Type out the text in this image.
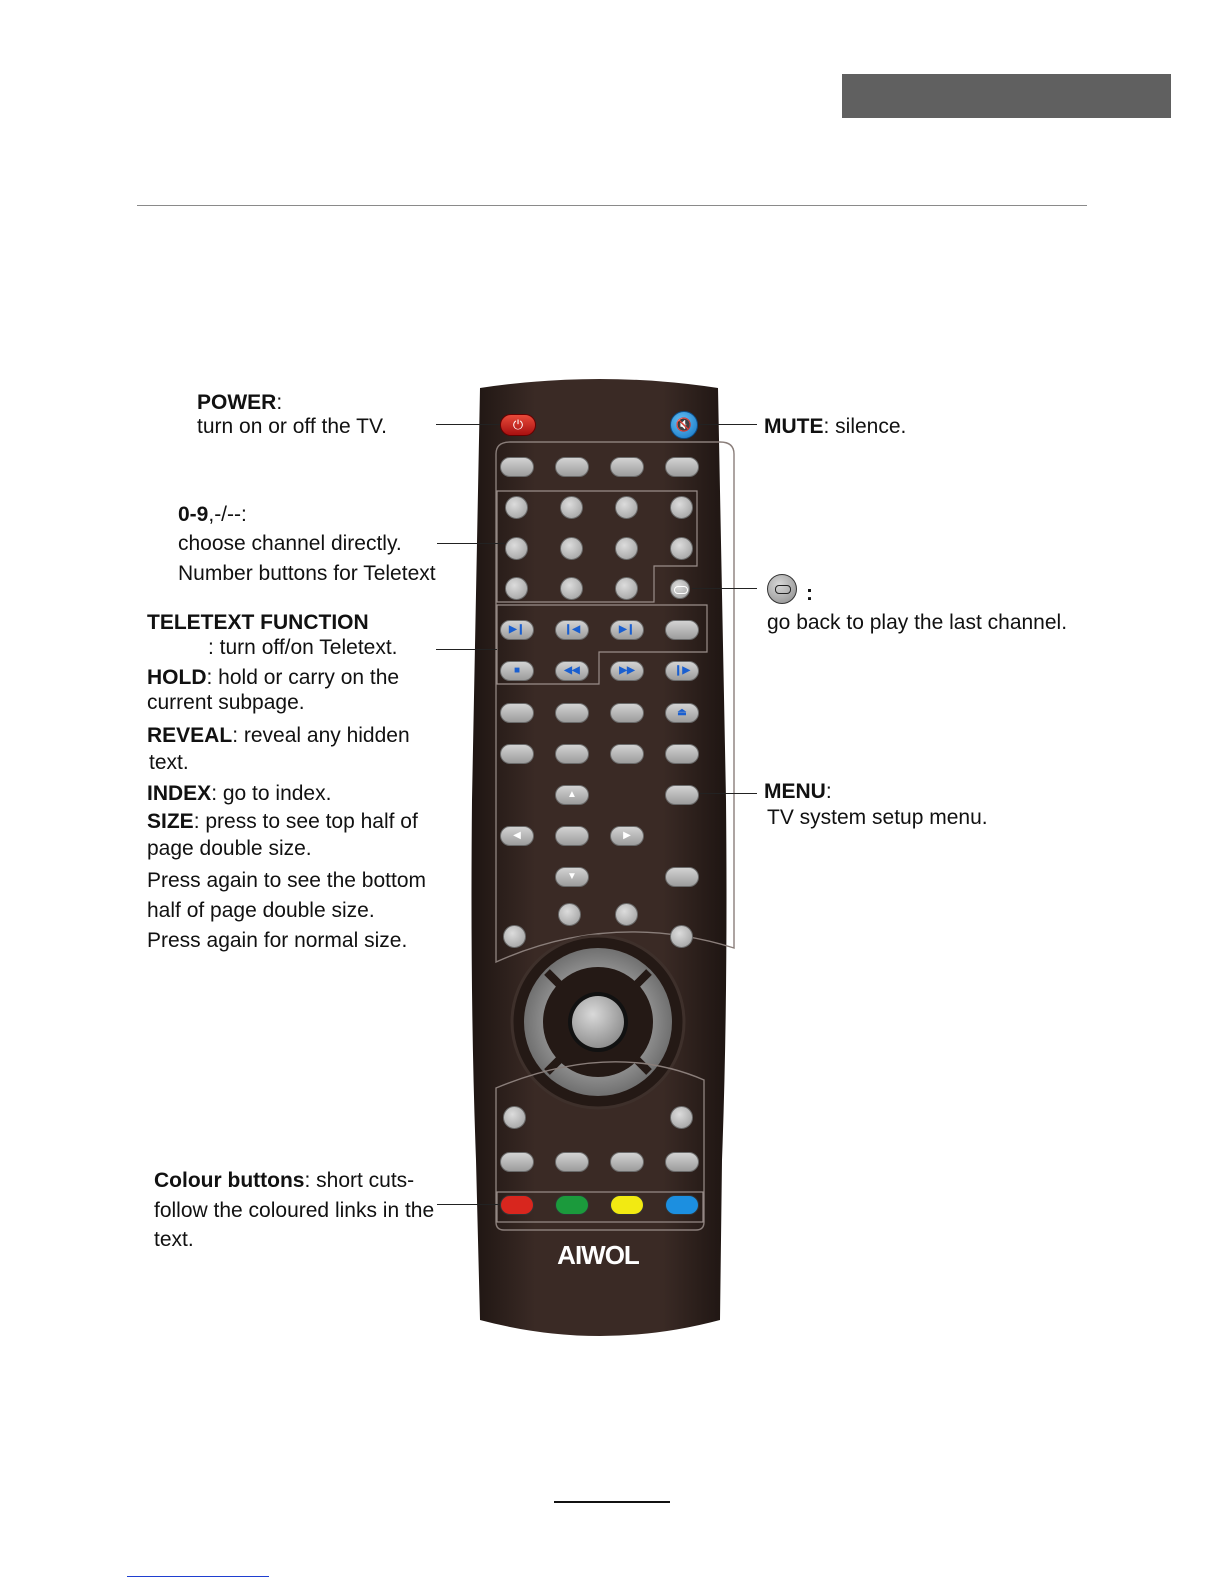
AIWOL
⏻	🔇
▶❙	❙◀	▶❙
■	◀◀	▶▶	❙▶
⏏
▲
◀	▶
▼
POWER:
turn on or off the TV.	MUTE: silence.
0-9,-/--:
choose channel directly.
Number buttons for Teletext
:
go back to play the last channel.
TELETEXT FUNCTION
: turn off/on Teletext.
HOLD: hold or carry on the
current subpage.
REVEAL: reveal any hidden
text.
INDEX: go to index.
SIZE: press to see top half of
page double size.
Press again to see the bottom
half of page double size.
Press again for normal size.
MENU:
TV system setup menu.
Colour buttons: short cuts-
follow the coloured links in the
text.
